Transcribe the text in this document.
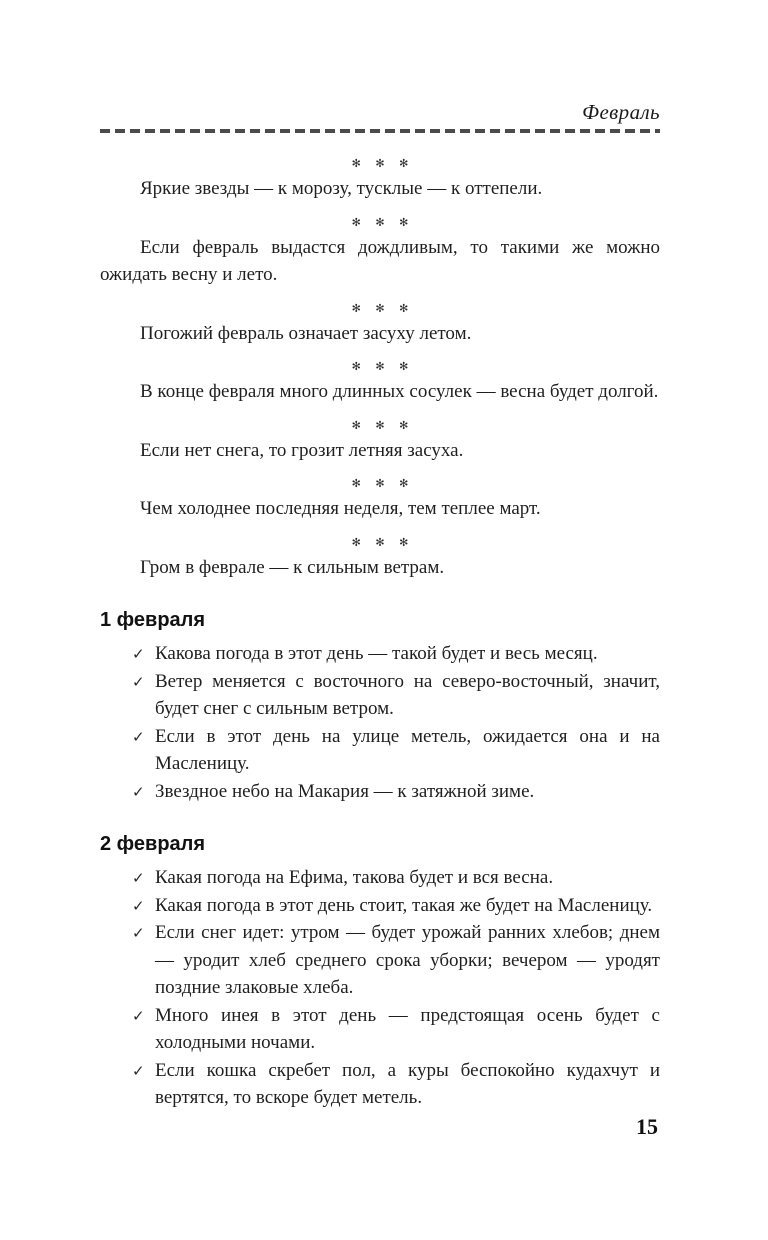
Февраль
✻ ✻ ✻

Яркие звезды — к морозу, тусклые — к оттепели.

✻ ✻ ✻

Если февраль выдастся дождливым, то такими же можно ожидать весну и лето.

✻ ✻ ✻

Погожий февраль означает засуху летом.

✻ ✻ ✻

В конце февраля много длинных сосулек — весна будет долгой.

✻ ✻ ✻

Если нет снега, то грозит летняя засуха.

✻ ✻ ✻

Чем холоднее последняя неделя, тем теплее март.

✻ ✻ ✻

Гром в феврале — к сильным ветрам.

1 февраля
✓ Какова погода в этот день — такой будет и весь месяц.
✓ Ветер меняется с восточного на северо-восточный, значит, будет снег с сильным ветром.
✓ Если в этот день на улице метель, ожидается она и на Масленицу.
✓ Звездное небо на Макария — к затяжной зиме.
2 февраля
✓ Какая погода на Ефима, такова будет и вся весна.
✓ Какая погода в этот день стоит, такая же будет на Масленицу.
✓ Если снег идет: утром — будет урожай ранних хлебов; днем — уродит хлеб среднего срока уборки; вечером — уродят поздние злаковые хлеба.
✓ Много инея в этот день — предстоящая осень будет с холодными ночами.
✓ Если кошка скребет пол, а куры беспокойно кудахчут и вертятся, то вскоре будет метель.
15
